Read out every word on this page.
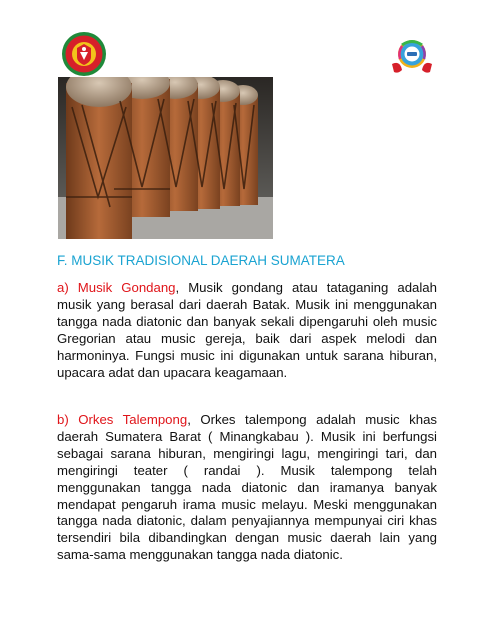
F. MUSIK TRADISIONAL DAERAH SUMATERA

a) Musik Gondang, Musik gondang atau tataganing adalah musik yang berasal dari daerah Batak. Musik ini menggunakan tangga nada diatonic dan banyak sekali dipengaruhi oleh music Gregorian atau music gereja, baik dari aspek melodi dan harmoninya. Fungsi music ini digunakan untuk sarana hiburan, upacara adat dan upacara keagamaan.

b) Orkes Talempong, Orkes talempong adalah music khas daerah Sumatera Barat ( Minangkabau ). Musik ini berfungsi sebagai sarana hiburan, mengiringi lagu, mengiringi tari, dan mengiringi teater ( randai ). Musik talempong telah menggunakan tangga nada diatonic dan iramanya banyak mendapat pengaruh irama music melayu. Meski menggunakan tangga nada diatonic, dalam penyajiannya mempunyai ciri khas tersendiri bila dibandingkan dengan music daerah lain yang sama-sama menggunakan tangga nada diatonic.
